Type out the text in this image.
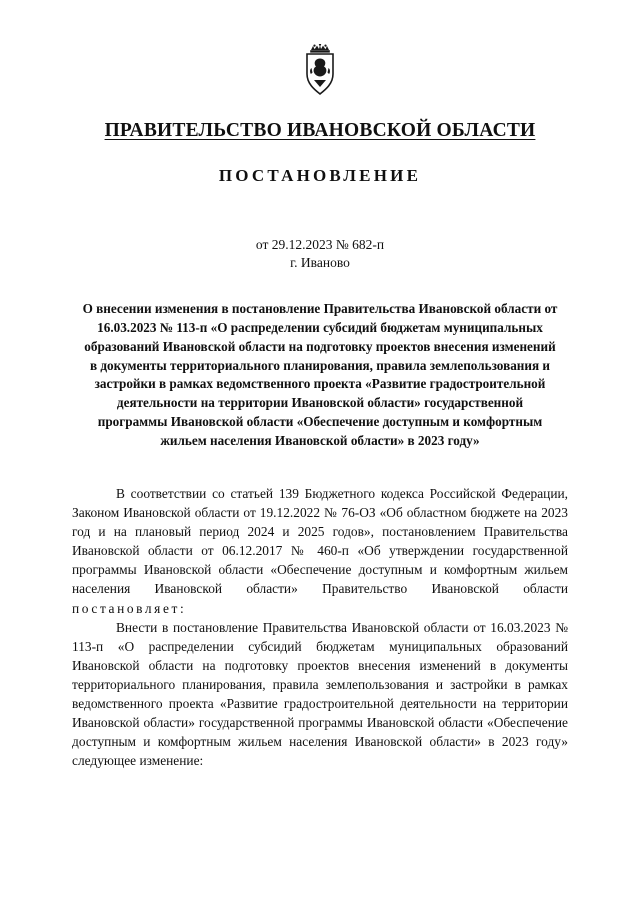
ПРАВИТЕЛЬСТВО ИВАНОВСКОЙ ОБЛАСТИ
ПОСТАНОВЛЕНИЕ
от 29.12.2023 № 682-п
г. Иваново
О внесении изменения в постановление Правительства Ивановской области от 16.03.2023 № 113-п «О распределении субсидий бюджетам муниципальных образований Ивановской области на подготовку проектов внесения изменений в документы территориального планирования, правила землепользования и застройки в рамках ведомственного проекта «Развитие градостроительной деятельности на территории Ивановской области» государственной программы Ивановской области «Обеспечение доступным и комфортным жильем населения Ивановской области» в 2023 году»

В соответствии со статьей 139 Бюджетного кодекса Российской Федерации, Законом Ивановской области от 19.12.2022 № 76-ОЗ «Об областном бюджете на 2023 год и на плановый период 2024 и 2025 годов», постановлением Правительства Ивановской области от 06.12.2017 № 460-п «Об утверждении государственной программы Ивановской области «Обеспечение доступным и комфортным жильем населения Ивановской области» Правительство Ивановской области постановляет:

Внести в постановление Правительства Ивановской области от 16.03.2023 № 113-п «О распределении субсидий бюджетам муниципальных образований Ивановской области на подготовку проектов внесения изменений в документы территориального планирования, правила землепользования и застройки в рамках ведомственного проекта «Развитие градостроительной деятельности на территории Ивановской области» государственной программы Ивановской области «Обеспечение доступным и комфортным жильем населения Ивановской области» в 2023 году» следующее изменение:
